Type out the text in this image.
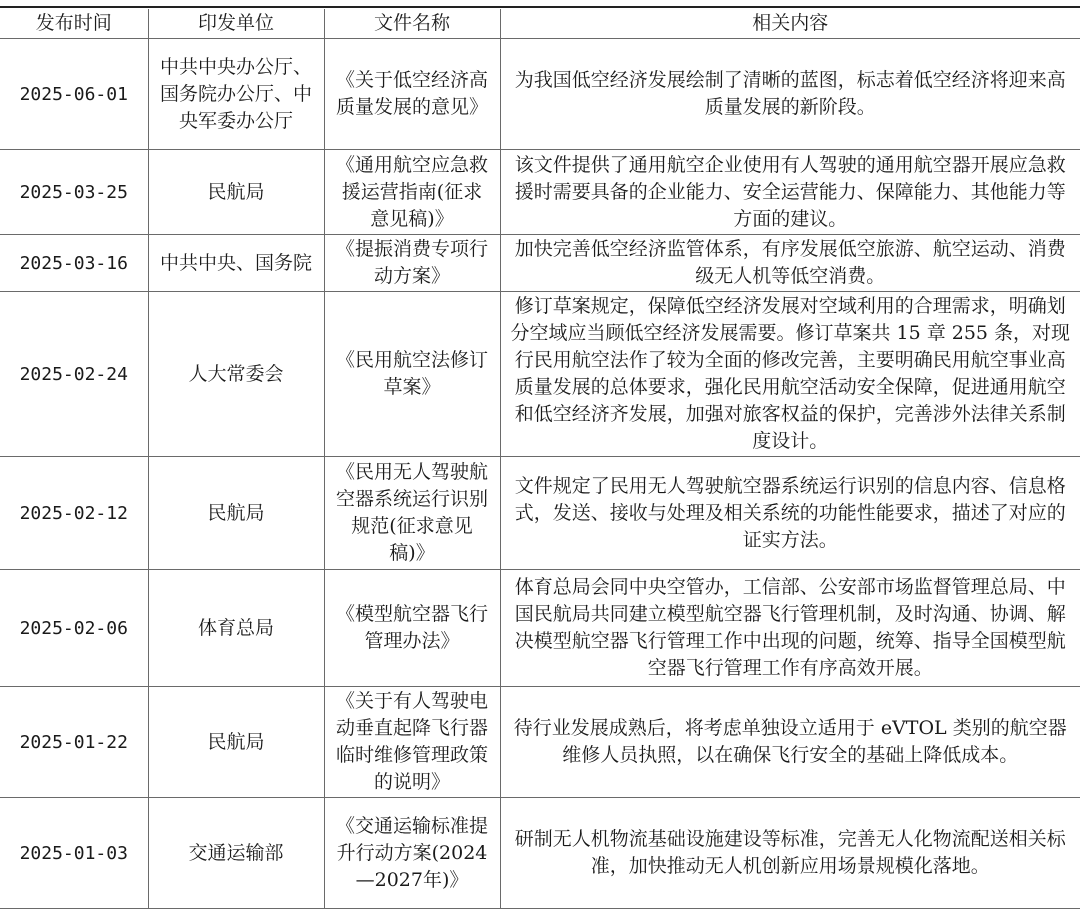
发布时间	印发单位	文件名称	相关内容
2025-06-01	中共中央办公厅、国务院办公厅、中央军委办公厅	《关于低空经济高质量发展的意见》	为我国低空经济发展绘制了清晰的蓝图，标志着低空经济将迎来高质量发展的新阶段。
2025-03-25	民航局	《通用航空应急救援运营指南(征求意见稿)》	该文件提供了通用航空企业使用有人驾驶的通用航空器开展应急救援时需要具备的企业能力、安全运营能力、保障能力、其他能力等方面的建议。
2025-03-16	中共中央、国务院	《提振消费专项行动方案》	加快完善低空经济监管体系，有序发展低空旅游、航空运动、消费级无人机等低空消费。
2025-02-24	人大常委会	《民用航空法修订草案》	修订草案规定，保障低空经济发展对空域利用的合理需求，明确划分空域应当顾低空经济发展需要。修订草案共 15 章 255 条，对现行民用航空法作了较为全面的修改完善，主要明确民用航空事业高质量发展的总体要求，强化民用航空活动安全保障，促进通用航空和低空经济齐发展，加强对旅客权益的保护，完善涉外法律关系制度设计。
2025-02-12	民航局	《民用无人驾驶航空器系统运行识别规范(征求意见稿)》	文件规定了民用无人驾驶航空器系统运行识别的信息内容、信息格式，发送、接收与处理及相关系统的功能性能要求，描述了对应的证实方法。
2025-02-06	体育总局	《模型航空器飞行管理办法》	体育总局会同中央空管办，工信部、公安部市场监督管理总局、中国民航局共同建立模型航空器飞行管理机制，及时沟通、协调、解决模型航空器飞行管理工作中出现的问题，统筹、指导全国模型航空器飞行管理工作有序高效开展。
2025-01-22	民航局	《关于有人驾驶电动垂直起降飞行器临时维修管理政策的说明》	待行业发展成熟后，将考虑单独设立适用于 eVTOL 类别的航空器维修人员执照，以在确保飞行安全的基础上降低成本。
2025-01-03	交通运输部	《交通运输标准提升行动方案(2024—2027年)》	研制无人机物流基础设施建设等标准，完善无人化物流配送相关标准，加快推动无人机创新应用场景规模化落地。
